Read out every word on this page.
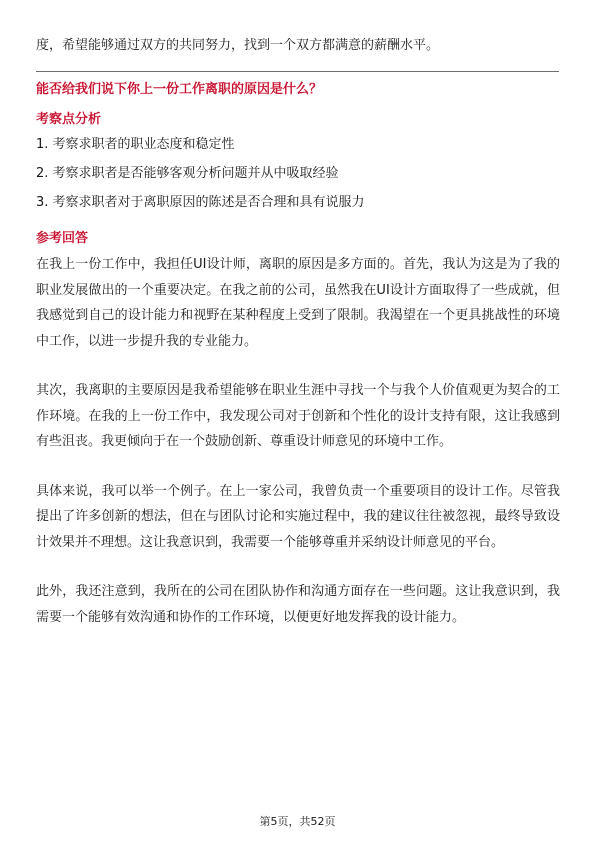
度，希望能够通过双方的共同努力，找到一个双方都满意的薪酬水平。

能否给我们说下你上一份工作离职的原因是什么？

考察点分析

1. 考察求职者的职业态度和稳定性
2. 考察求职者是否能够客观分析问题并从中吸取经验
3. 考察求职者对于离职原因的陈述是否合理和具有说服力

参考回答

在我上一份工作中，我担任UI设计师，离职的原因是多方面的。首先，我认为这是为了我的职业发展做出的一个重要决定。在我之前的公司，虽然我在UI设计方面取得了一些成就，但我感觉到自己的设计能力和视野在某种程度上受到了限制。我渴望在一个更具挑战性的环境中工作，以进一步提升我的专业能力。

其次，我离职的主要原因是我希望能够在职业生涯中寻找一个与我个人价值观更为契合的工作环境。在我的上一份工作中，我发现公司对于创新和个性化的设计支持有限，这让我感到有些沮丧。我更倾向于在一个鼓励创新、尊重设计师意见的环境中工作。

具体来说，我可以举一个例子。在上一家公司，我曾负责一个重要项目的设计工作。尽管我提出了许多创新的想法，但在与团队讨论和实施过程中，我的建议往往被忽视，最终导致设计效果并不理想。这让我意识到，我需要一个能够尊重并采纳设计师意见的平台。

此外，我还注意到，我所在的公司在团队协作和沟通方面存在一些问题。这让我意识到，我需要一个能够有效沟通和协作的工作环境，以便更好地发挥我的设计能力。

第5页，共52页
